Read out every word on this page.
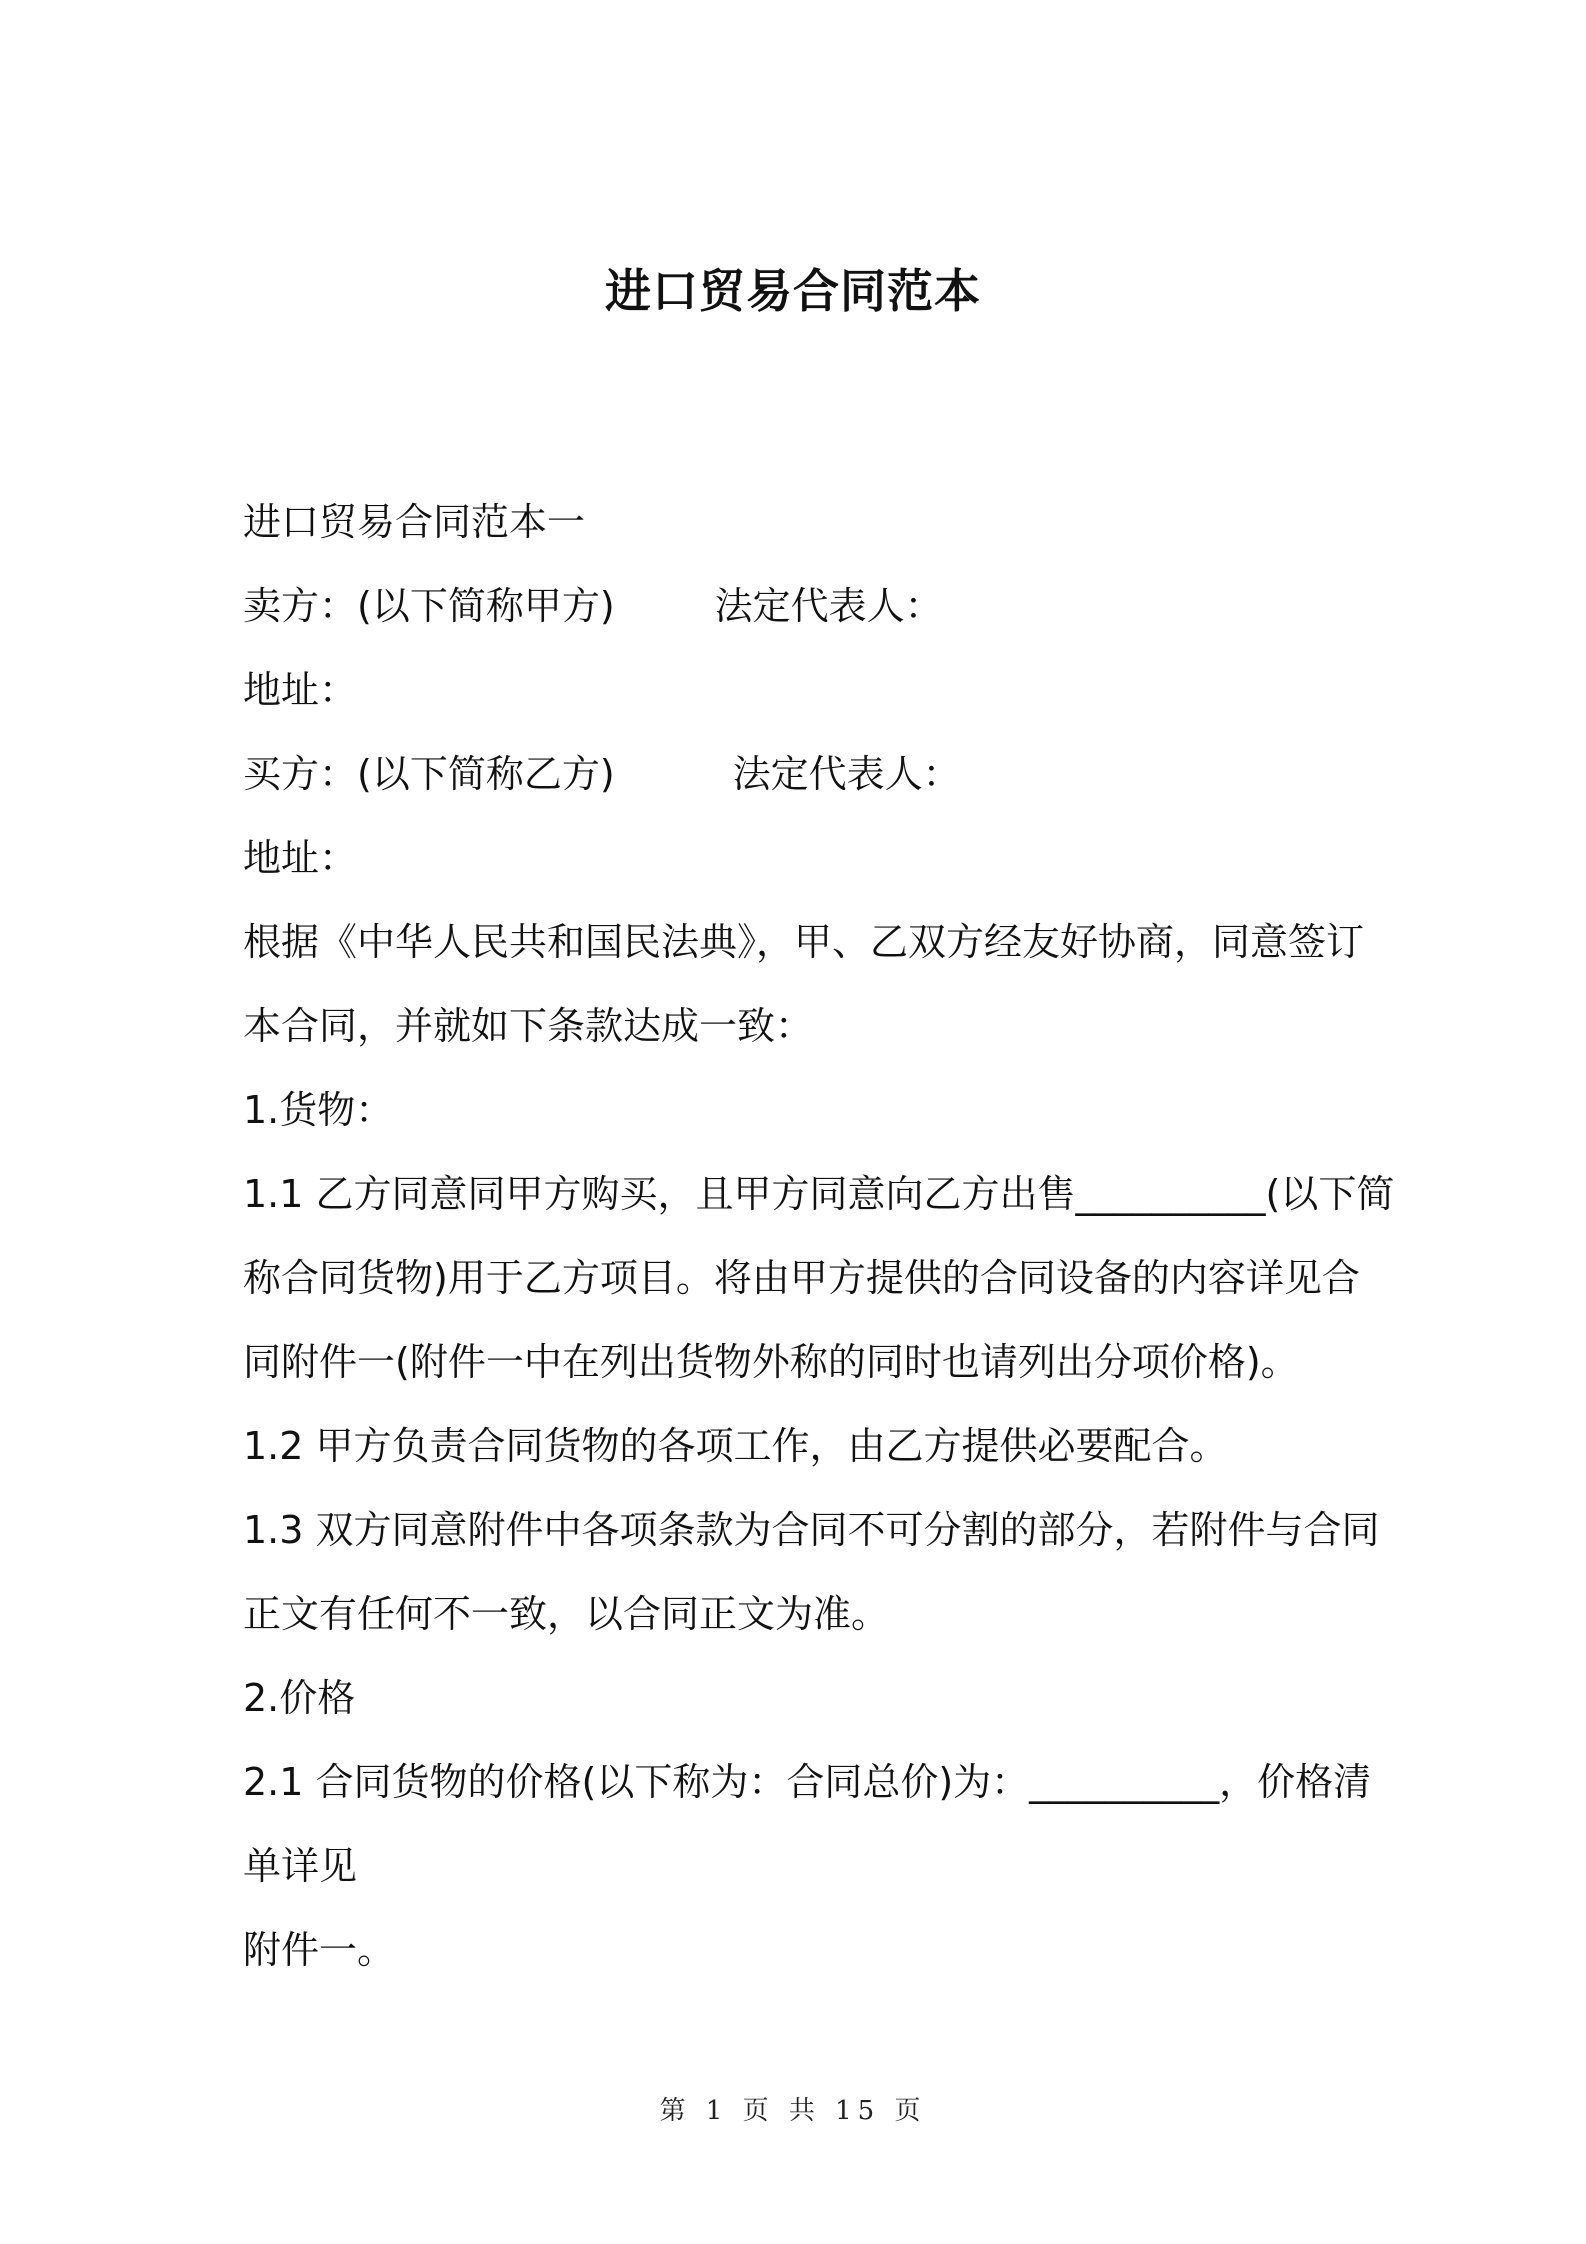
进口贸易合同范本

进口贸易合同范本一

卖方：(以下简称甲方)	法定代表人：

地址：

买方：(以下简称乙方)	法定代表人：

地址：

根据《中华人民共和国民法典》，甲、乙双方经友好协商，同意签订

本合同，并就如下条款达成一致：

1.货物：

1.1 乙方同意同甲方购买，且甲方同意向乙方出售__________(以下简

称合同货物)用于乙方项目。将由甲方提供的合同设备的内容详见合

同附件一(附件一中在列出货物外称的同时也请列出分项价格)。

1.2 甲方负责合同货物的各项工作，由乙方提供必要配合。

1.3 双方同意附件中各项条款为合同不可分割的部分，若附件与合同

正文有任何不一致，以合同正文为准。

2.价格

2.1 合同货物的价格(以下称为：合同总价)为：__________，价格清

单详见

附件一。

第 1 页 共 15 页
